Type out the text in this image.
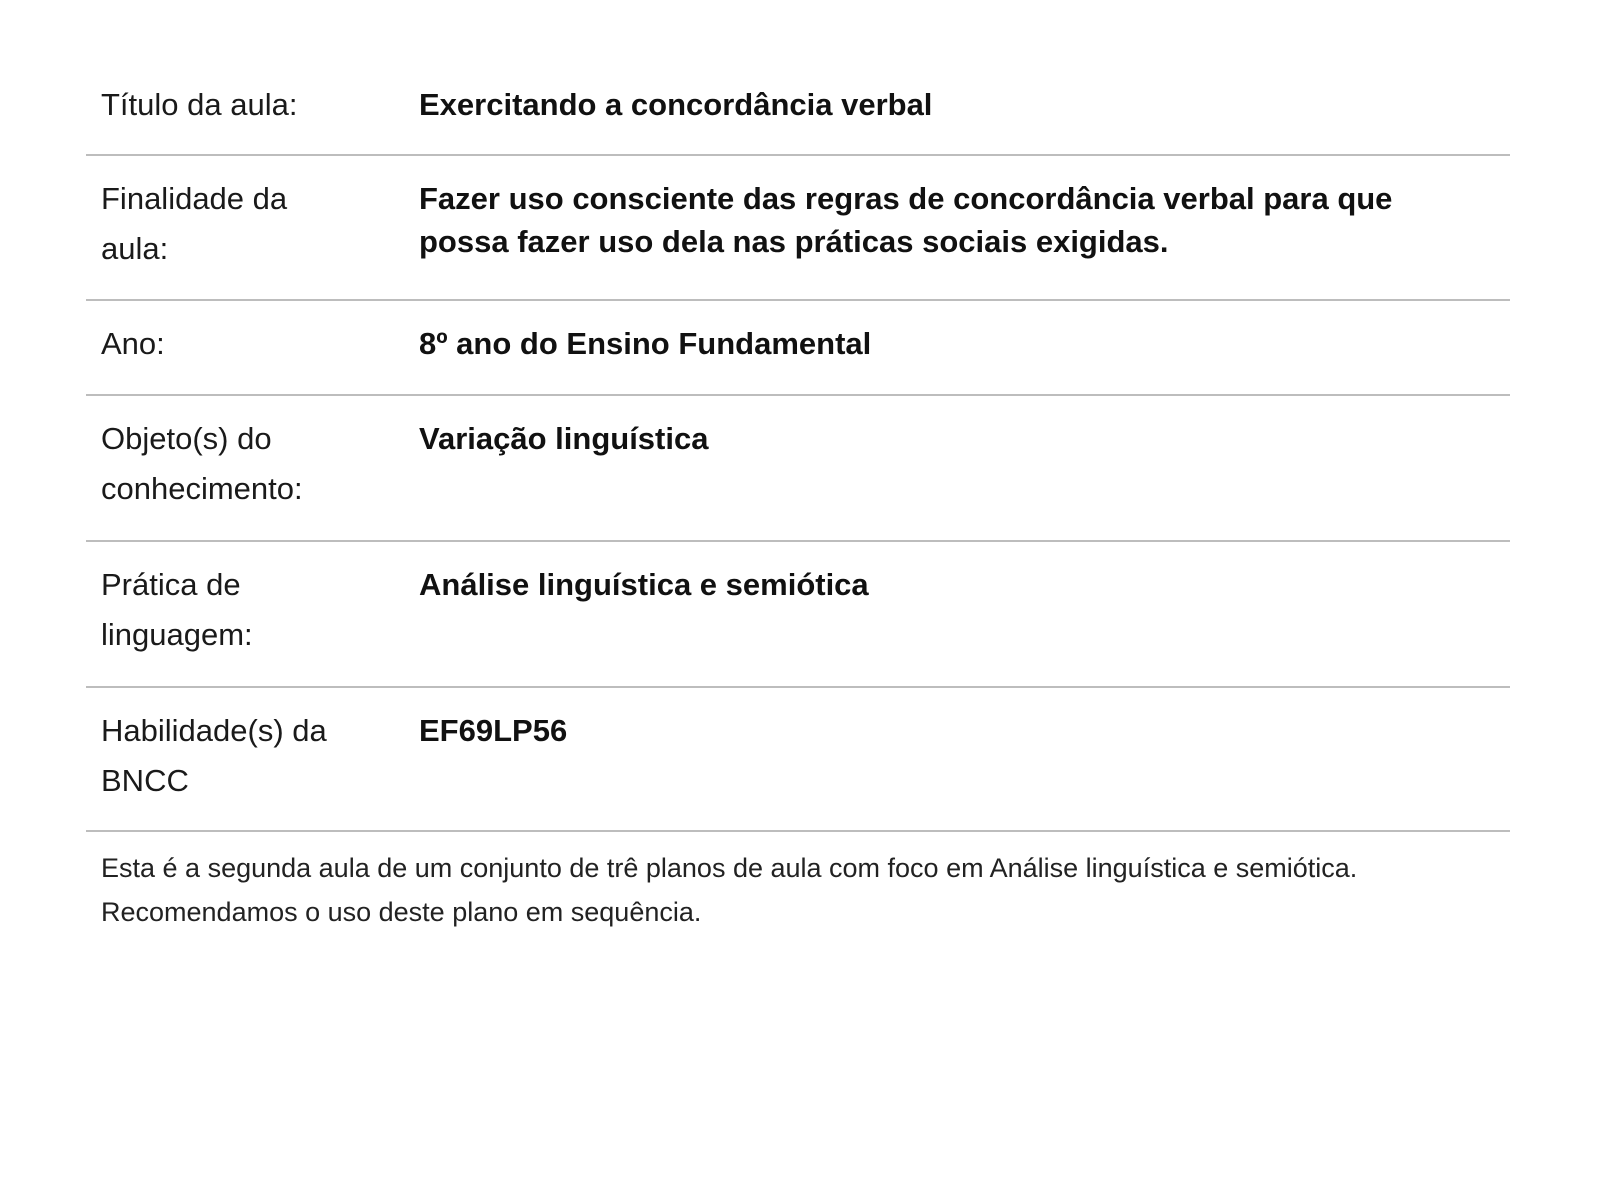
Título da aula:	Exercitando a concordância verbal
Finalidade da aula:
Fazer uso consciente das regras de concordância verbal para que possa fazer uso dela nas práticas sociais exigidas.
Ano:	8º ano do Ensino Fundamental
Objeto(s) do conhecimento:
Variação linguística
Prática de linguagem:
Análise linguística e semiótica
Habilidade(s) da BNCC
EF69LP56
Esta é a segunda aula de um conjunto de trê planos de aula com foco em Análise linguística e semiótica. Recomendamos o uso deste plano em sequência.
